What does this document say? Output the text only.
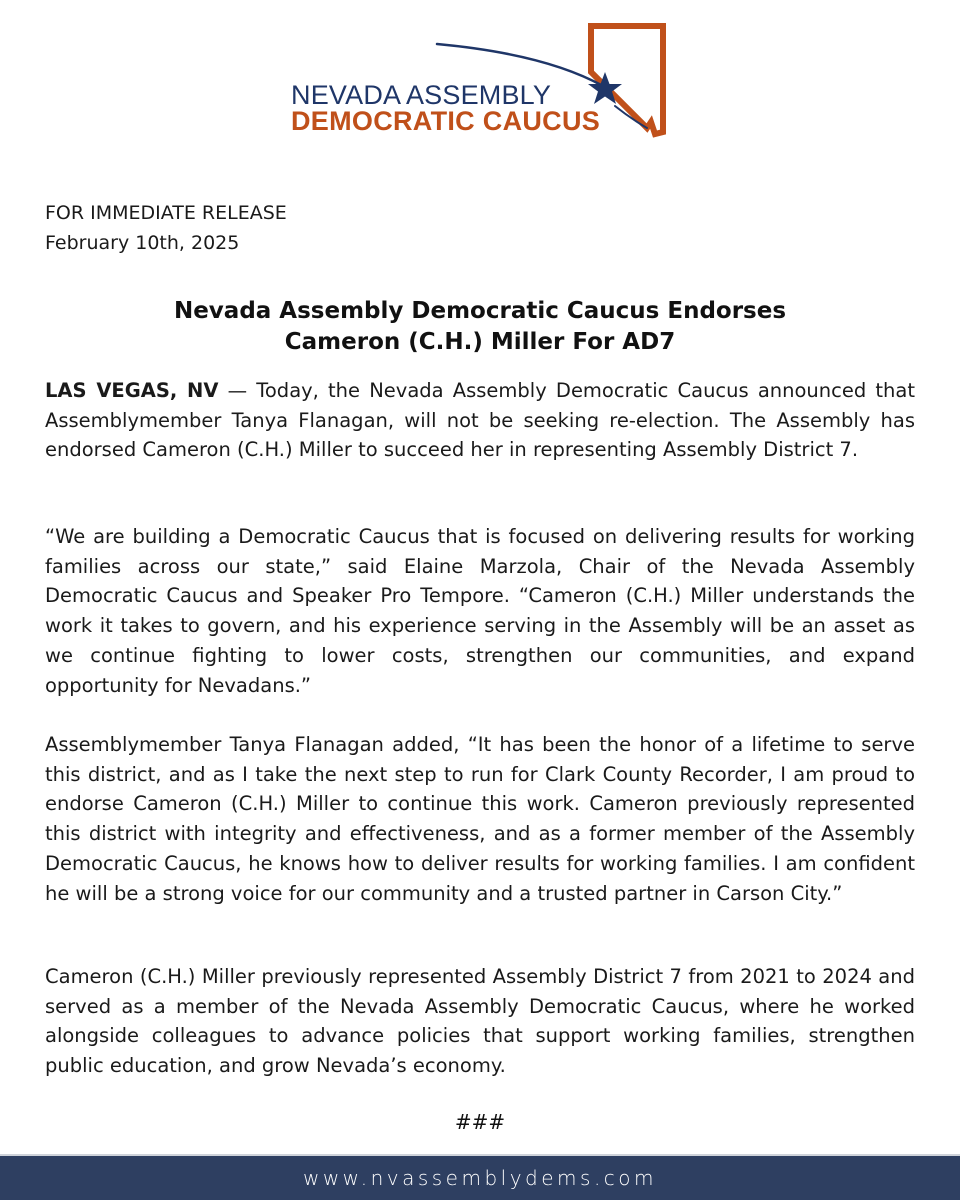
NEVADA ASSEMBLY
DEMOCRATIC CAUCUS
FOR IMMEDIATE RELEASE
February 10th, 2025
Nevada Assembly Democratic Caucus Endorses
Cameron (C.H.) Miller For AD7
LAS VEGAS, NV — Today, the Nevada Assembly Democratic Caucus announced that Assemblymember Tanya Flanagan, will not be seeking re-election. The Assembly has endorsed Cameron (C.H.) Miller to succeed her in representing Assembly District 7.
“We are building a Democratic Caucus that is focused on delivering results for working families across our state,” said Elaine Marzola, Chair of the Nevada Assembly Democratic Caucus and Speaker Pro Tempore. “Cameron (C.H.) Miller understands the work it takes to govern, and his experience serving in the Assembly will be an asset as we continue fighting to lower costs, strengthen our communities, and expand opportunity for Nevadans.”
Assemblymember Tanya Flanagan added, “It has been the honor of a lifetime to serve this district, and as I take the next step to run for Clark County Recorder, I am proud to endorse Cameron (C.H.) Miller to continue this work. Cameron previously represented this district with integrity and effectiveness, and as a former member of the Assembly Democratic Caucus, he knows how to deliver results for working families. I am confident he will be a strong voice for our community and a trusted partner in Carson City.”
Cameron (C.H.) Miller previously represented Assembly District 7 from 2021 to 2024 and served as a member of the Nevada Assembly Democratic Caucus, where he worked alongside colleagues to advance policies that support working families, strengthen public education, and grow Nevada’s economy.
###
www.nvassemblydems.com
